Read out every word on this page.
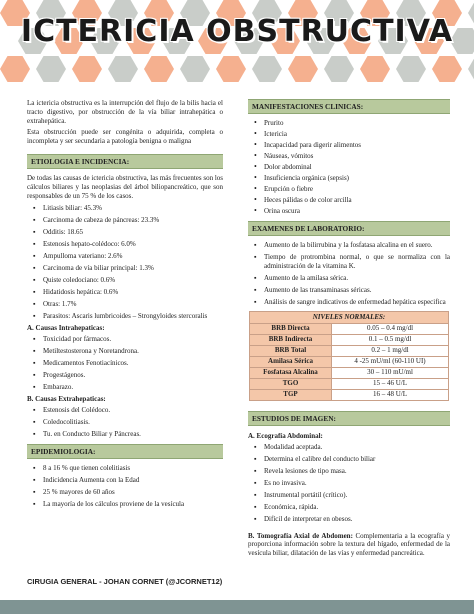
ICTERICIA OBSTRUCTIVA

La ictericia obstructiva es la interrupción del flujo de la bilis hacia el tracto digestivo, por obstrucción de la vía biliar intrahepática o extrahepática.

Esta obstrucción puede ser congénita o adquirida, completa o incompleta y ser secundaria a patología benigna o maligna

ETIOLOGIA E INCIDENCIA:

De todas las causas de ictericia obstructiva, las más frecuentes son los cálculos biliares y las neoplasias del árbol biliopancreático, que son responsables de un 75 % de los casos.

▪ Litiasis biliar: 45.3%
▪ Carcinoma de cabeza de páncreas: 23.3%
▪ Odditis: 18.65
▪ Estenosis hepato-colédoco: 6.0%
▪ Ampulloma vateriano: 2.6%
▪ Carcinoma de vía biliar principal: 1.3%
▪ Quiste coledociano: 0.6%
▪ Hidatidosis hepática: 0.6%
▪ Otras: 1.7%
▪ Parasitos: Ascaris lumbricoides – Strongyloides stercoralis
A. Causas Intrahepaticas:
▪ Toxicidad por fármacos.
▪ Metiltestosterona y Noretandrona.
▪ Medicamentos Fenotiacínicos.
▪ Progestágenos.
▪ Embarazo.
B. Causas Extrahepaticas:
▪ Estenosis del Colédoco.
▪ Coledocolitiasis.
▪ Tu. en Conducto Biliar y Páncreas.
EPIDEMIOLOGIA:
▪ 8 a 16 % que tienen colelitiasis
▪ Indicidencia Aumenta con la Edad
▪ 25 % mayores de 60 años
▪ La mayoría de los cálculos proviene de la vesícula
MANIFESTACIONES CLINICAS:
• Prurito
• Ictericia
• Incapacidad para digerir alimentos
• Náuseas, vómitos
• Dolor abdominal
• Insuficiencia orgánica (sepsis)
• Erupción o fiebre
• Heces pálidas o de color arcilla
• Orina oscura
EXAMENES DE LABORATORIO:
▪ Aumento de la bilirrubina y la fosfatasa alcalina en el suero.
▪ Tiempo de protrombina normal, o que se normaliza con la administración de la vitamina K.
▪ Aumento de la amilasa sérica.
▪ Aumento de las transaminasas séricas.
▪ Análisis de sangre indicativos de enfermedad hepática especifica
NIVELES NORMALES:	
BRB Directa	0.05 – 0.4 mg/dl
BRB Indirecta	0.1 – 0.5 mg/dl
BRB Total	0.2 – 1 mg/dl
Amilasa Sérica	4 -25 mU/ml (60-110 UI)
Fosfatasa Alcalina	30 – 110 mU/ml
TGO	15 – 46 U/L
TGP	16 – 48 U/L
ESTUDIOS DE IMAGEN:
A. Ecografía Abdominal:
▪ Modalidad aceptada.
▪ Determina el calibre del conducto biliar
▪ Revela lesiones de tipo masa.
▪ Es no invasiva.
▪ Instrumental portátil (crítico).
▪ Económica, rápida.
▪ Difícil de interpretar en obesos.

B. Tomografía Axial de Abdomen: Complementaria a la ecografía y proporciona información sobre la textura del hígado, enfermedad de la vesícula biliar, dilatación de las vías y enfermedad pancreática.

CIRUGIA GENERAL - JOHAN CORNET (@JCORNET12)
